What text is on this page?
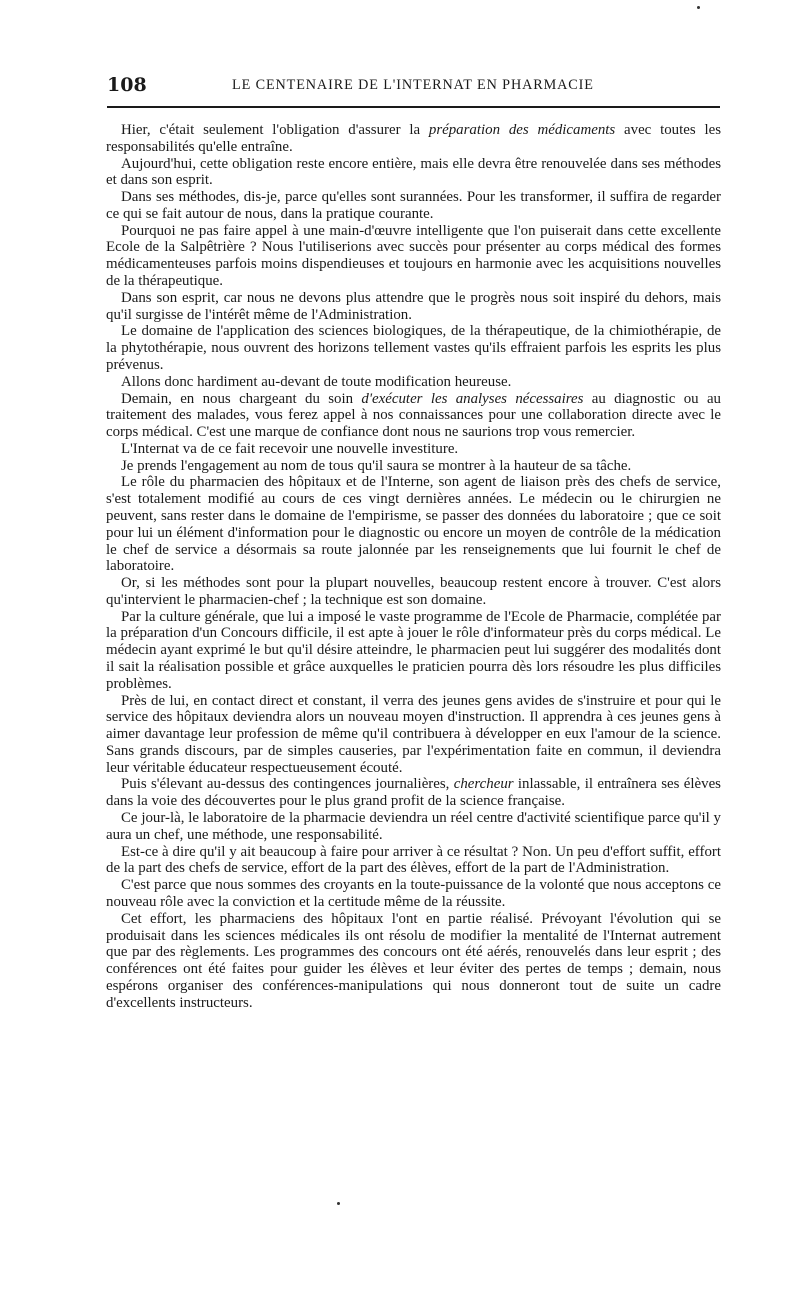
108	LE CENTENAIRE DE L'INTERNAT EN PHARMACIE

Hier, c'était seulement l'obligation d'assurer la préparation des médicaments avec toutes les responsabilités qu'elle entraîne.

Aujourd'hui, cette obligation reste encore entière, mais elle devra être renouvelée dans ses méthodes et dans son esprit.

Dans ses méthodes, dis-je, parce qu'elles sont surannées. Pour les transformer, il suffira de regarder ce qui se fait autour de nous, dans la pratique courante.

Pourquoi ne pas faire appel à une main-d'œuvre intelligente que l'on puiserait dans cette excellente Ecole de la Salpêtrière ? Nous l'utiliserions avec succès pour présenter au corps médical des formes médicamenteuses parfois moins dispendieuses et toujours en harmonie avec les acquisitions nouvelles de la thérapeutique.

Dans son esprit, car nous ne devons plus attendre que le progrès nous soit inspiré du dehors, mais qu'il surgisse de l'intérêt même de l'Administration.

Le domaine de l'application des sciences biologiques, de la thérapeutique, de la chimiothérapie, de la phytothérapie, nous ouvrent des horizons tellement vastes qu'ils effraient parfois les esprits les plus prévenus.

Allons donc hardiment au-devant de toute modification heureuse.

Demain, en nous chargeant du soin d'exécuter les analyses nécessaires au diagnostic ou au traitement des malades, vous ferez appel à nos connaissances pour une collaboration directe avec le corps médical. C'est une marque de confiance dont nous ne saurions trop vous remercier.

L'Internat va de ce fait recevoir une nouvelle investiture.

Je prends l'engagement au nom de tous qu'il saura se montrer à la hauteur de sa tâche.

Le rôle du pharmacien des hôpitaux et de l'Interne, son agent de liaison près des chefs de service, s'est totalement modifié au cours de ces vingt dernières années. Le médecin ou le chirurgien ne peuvent, sans rester dans le domaine de l'empirisme, se passer des données du laboratoire ; que ce soit pour lui un élément d'information pour le diagnostic ou encore un moyen de contrôle de la médication le chef de service a désormais sa route jalonnée par les renseignements que lui fournit le chef de laboratoire.

Or, si les méthodes sont pour la plupart nouvelles, beaucoup restent encore à trouver. C'est alors qu'intervient le pharmacien-chef ; la technique est son domaine.

Par la culture générale, que lui a imposé le vaste programme de l'Ecole de Pharmacie, complétée par la préparation d'un Concours difficile, il est apte à jouer le rôle d'informateur près du corps médical. Le médecin ayant exprimé le but qu'il désire atteindre, le pharmacien peut lui suggérer des modalités dont il sait la réalisation possible et grâce auxquelles le praticien pourra dès lors résoudre les plus difficiles problèmes.

Près de lui, en contact direct et constant, il verra des jeunes gens avides de s'instruire et pour qui le service des hôpitaux deviendra alors un nouveau moyen d'instruction. Il apprendra à ces jeunes gens à aimer davantage leur profession de même qu'il contribuera à développer en eux l'amour de la science. Sans grands discours, par de simples causeries, par l'expérimentation faite en commun, il deviendra leur véritable éducateur respectueusement écouté.

Puis s'élevant au-dessus des contingences journalières, chercheur inlassable, il entraînera ses élèves dans la voie des découvertes pour le plus grand profit de la science française.

Ce jour-là, le laboratoire de la pharmacie deviendra un réel centre d'activité scientifique parce qu'il y aura un chef, une méthode, une responsabilité.

Est-ce à dire qu'il y ait beaucoup à faire pour arriver à ce résultat ? Non. Un peu d'effort suffit, effort de la part des chefs de service, effort de la part des élèves, effort de la part de l'Administration.

C'est parce que nous sommes des croyants en la toute-puissance de la volonté que nous acceptons ce nouveau rôle avec la conviction et la certitude même de la réussite.

Cet effort, les pharmaciens des hôpitaux l'ont en partie réalisé. Prévoyant l'évolution qui se produisait dans les sciences médicales ils ont résolu de modifier la mentalité de l'Internat autrement que par des règlements. Les programmes des concours ont été aérés, renouvelés dans leur esprit ; des conférences ont été faites pour guider les élèves et leur éviter des pertes de temps ; demain, nous espérons organiser des conférences-manipulations qui nous donneront tout de suite un cadre d'excellents instructeurs.
